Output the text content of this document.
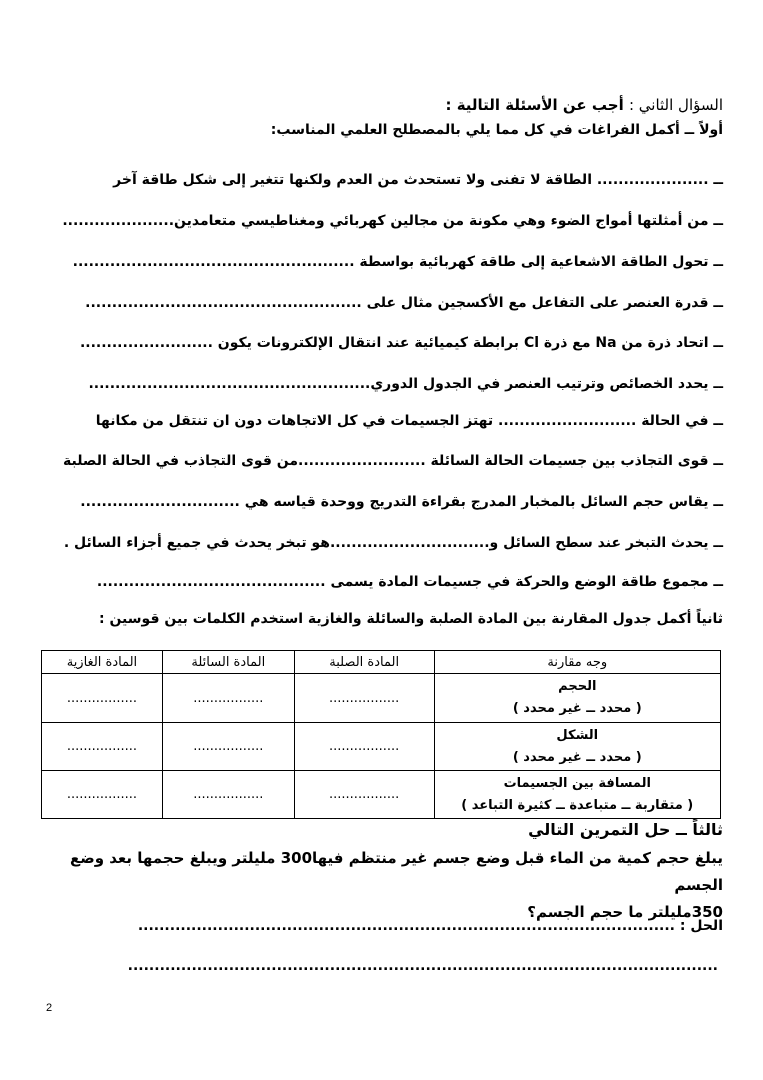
السؤال الثاني : أجب عن الأسئلة التالية :
أولاً ــ أكمل الفراغات في كل مما يلي بالمصطلح العلمي المناسب:
ــ ..................... الطاقة لا تفنى ولا تستحدث من العدم ولكنها تتغير إلى شكل طاقة آخر
ــ من أمثلتها أمواج الضوء وهي مكونة من مجالين كهربائي ومغناطيسي متعامدين.....................
ــ تحول الطاقة الاشعاعية إلى طاقة كهربائية بواسطة .....................................................
ــ قدرة العنصر على التفاعل مع الأكسجين مثال على ....................................................
ــ اتحاد ذرة من Na مع ذرة Cl برابطة كيميائية عند انتقال الإلكترونات يكون .........................
ــ يحدد الخصائص وترتيب العنصر في الجدول الدوري.....................................................
ــ في الحالة .......................... تهتز الجسيمات في كل الاتجاهات دون ان تنتقل من مكانها
ــ قوى التجاذب بين جسيمات الحالة السائلة ........................من قوى التجاذب في الحالة الصلبة
ــ يقاس حجم السائل بالمخبار المدرج بقراءة التدريج ووحدة قياسه هي ..............................
ــ يحدث التبخر عند سطح السائل و..............................هو تبخر يحدث في جميع أجزاء السائل .
ــ مجموع طاقة الوضع والحركة في جسيمات المادة يسمى ...........................................
ثانياً أكمل جدول المقارنة بين المادة الصلبة والسائلة والغازية استخدم الكلمات بين قوسين :
وجه مقارنة	المادة الصلبة	المادة السائلة	المادة الغازية

الحجم
( محدد ــ غير محدد )	.................	.................	.................

الشكل
( محدد ــ غير محدد )	.................	.................	.................

المسافة بين الجسيمات
( متقاربة ــ متباعدة ــ كثيرة التباعد )	.................	.................	.................
ثالثاً ــ حل التمرين التالي
يبلغ حجم كمية من الماء قبل وضع جسم غير منتظم فيها300 مليلتر ويبلغ حجمها بعد وضع الجسم
350مليلتر ما حجم الجسم؟
الحل : .....................................................................................................
...............................................................................................................
2
